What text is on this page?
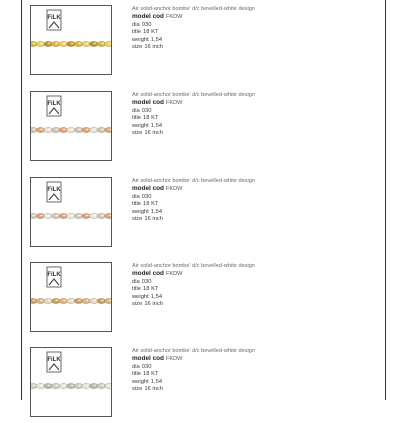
FiLK
Air solid-anchor bombe' d/c bevelled-white design
model cod FKDW
dia 030
title 18 KT
weight 1,54
size 16 inch
FiLK
Air solid-anchor bombe' d/c bevelled-white design
model cod FKDW
dia 030
title 18 KT
weight 1,54
size 16 inch
FiLK
Air solid-anchor bombe' d/c bevelled-white design
model cod FKDW
dia 030
title 18 KT
weight 1,54
size 16 inch
FiLK
Air solid-anchor bombe' d/c bevelled-white design
model cod FKDW
dia 030
title 18 KT
weight 1,54
size 16 inch
FiLK
Air solid-anchor bombe' d/c bevelled-white design
model cod FKDW
dia 030
title 18 KT
weight 1,54
size 16 inch
